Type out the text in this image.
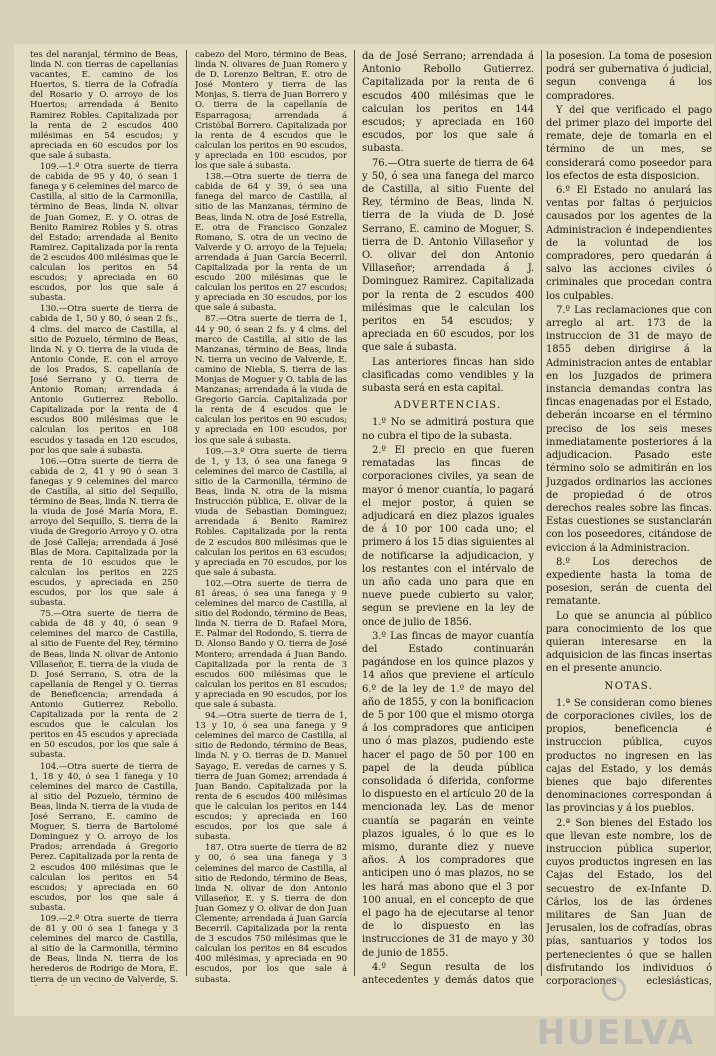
tes del naranjal, término de Beas, linda N. con tierras de capellanías vacantes, E. camino de los Huertos, S. tierra de la Cofradía del Rosario y O. arroyo de los Huertos; arrendada á Benito Ramirez Robles. Capitalizada por la renta de 2 escudos 400 milésimas en 54 escudos; y apreciada en 60 escudos por los que sale á subasta.

109.—1.º Otra suerte de tierra de cabida de 95 y 40, ó sean 1 fanega y 6 celemines del marco de Castilla, al sitio de la Carmonilla, término de Beas, linda N. olivar de Juan Gomez, E. y O. otras de Benito Ramirez Robles y S. otras del Estado; arrendada al Benito Ramirez. Capitalizada por la renta de 2 escudos 400 milésimas que le calculan los peritos en 54 escudos; y apreciada en 60 escudos, por los que sale á subasta.

130.—Otra suerte de tierra de cabida de 1, 50 y 80, ó sean 2 fs., 4 clms. del marco de Castilla, al sitio de Pozuelo, término de Beas, linda N. y O. tierra de la viuda de Antonio Conde, E. con el arroyo de los Prados, S. capellanía de José Serrano y O. tierra de Antonio Roman; arrendada á Antonio Gutierrez Rebollo. Capitalizada por la renta de 4 escudos 800 milésimas que le calculan los peritos en 108 escudos y tasada en 120 escudos, por los que sale á subasta.

106.—Otra suerte de tierra de cabida de 2, 41 y 90 ó sean 3 fanegas y 9 celemines del marco de Castilla, al sitio del Sequillo, término de Beas, linda N. tierra de la viuda de José María Mora, E. arroyo del Sequillo, S. tierra de la viuda de Gregorio Arroyo y O. otra de José Calleja; arrendada á José Blas de Mora. Capitalizada por la renta de 10 escudos que le calculan los peritos en 225 escudos, y apreciada en 250 escudos, por los que sale á subasta.

75.—Otra suerte de tierra de cabida de 48 y 40, ó sean 9 celemines del marco de Castilla, al sitio de Fuente del Rey, término de Beas, linda N. olivar de Antonio Villaseñor, E. tierra de la viuda de D. José Serrano, S. otra de la capellanía de Rengel y O. tierras de Beneficencia; arrendada á Antonio Gutierrez Rebollo. Capitalizada por la renta de 2 escudos que le calculan los peritos en 45 escudos y apreciada en 50 escudos, por los que sale á subasta.

104.—Otra suerte de tierra de 1, 18 y 40, ó sea 1 fanega y 10 celemines del marco de Castilla, al sitio del Pozuelo, término de Beas, linda N. tierra de la viuda de José Serrano, E. camino de Moguer, S. tierra de Bartolomé Dominguez y O. arroyo de los Prados; arrendada á Gregorio Perez. Capitalizada por la renta de 2 escudos 400 milésimas que le calculan los peritos en 54 escudos; y apreciada en 60 escudos, por los que sale á subasta.

109.—2.º Otra suerte de tierra de 81 y 00 ó sea 1 fanega y 3 celemines del marco de Castilla, al sitio de la Carmonilla, término de Beas, linda N. tierra de los herederos de Rodrigo de Mora, E. tierra de un vecino de Valverde, S.

cabezo del Moro, término de Beas, linda N. olivares de Juan Romero y de D. Lorenzo Beltran, E. otro de José Montero y tierra de las Monjas, S. tierra de Juan Borrero y O. tierra de la capellanía de Esparragosa; arrendada á Cristóbal Borrero. Capitalizada por la renta de 4 escudos que le calculan los peritos en 90 escudos, y apreciada en 100 escudos, por los que sale á subasta.

138.—Otra suerte de tierra de cabida de 64 y 39, ó sea una fanega del marco de Castilla, al sitio de las Manzanas, término de Beas, linda N. otra de José Estrella, E. otra de Francisco Gonzalez Romano, S. otra de un vecino de Valverde y O. arroyo de la Tejuela; arrendada á Juan García Becerril. Capitalizada por la renta de un escudo 200 milésimas que le calculan los peritos en 27 escudos; y apreciada en 30 escudos, por los que sale á subasta.

87.—Otra suerte de tierra de 1, 44 y 90, ó sean 2 fs. y 4 clms. del marco de Castilla, al sitio de las Manzanas, término de Beas, linda N. tierra un vecino de Valverde, E. camino de Niebla, S. tierra de las Monjas de Moguer y O. tabla de las Manzanas; arrendada á la viuda de Gregorio García. Capitalizada por la renta de 4 escudos que le calculan los peritos en 90 escudos; y apreciada en 100 escudos, por los que sale á subasta.

109.—3.º Otra suerte de tierra de 1, y 13, ó sea una fanega 9 celemines del marco de Castilla, al sitio de la Carmonilla, término de Beas, linda N. otra de la misma Instrucción pública, E. olivar de la viuda de Sebastian Dominguez; arrendada á Benito Ramirez Robles. Capitalizada por la renta de 2 escudos 800 milésimas que le calculan los peritos en 63 escudos; y apreciada en 70 escudos, por los que sale á subasta.

102.—Otra suerte de tierra de 81 áreas, ó sea una fanega y 9 celemines del marco de Castilla, al sitio del Rodondo, término de Beas, linda N. tierra de D. Rafael Mora, E. Palmar del Rodondo, S. tierra de D. Alonso Bando y O. tierra de José Montero; arrendada á Juan Bando. Capitalizada por la renta de 3 escudos 600 milésimas que le calculan los peritos en 81 escudos; y apreciada en 90 escudos, por los que sale á subasta.

94.—Otra suerte de tierra de 1, 13 y 10, ó sea una fanega y 9 celemines del marco de Castilla, al sitio de Redondo, término de Beas, linda N. y O. tierras de D. Manuel Sayago, E. veredas de carnes y S. tierra de Juan Gomez; arrendada á Juan Bando. Capitalizada por la renta de 6 escudos 400 milésimas que le calculan los peritos en 144 escudos; y apreciada en 160 escudos, por los que sale á subasta.

187. Otra suerte de tierra de 82 y 00, ó sea una fanega y 3 celemines del marco de Castilla, al sitio de Redondo, término de Beas, linda N. olivar de don Antonio Villaseñor, E. y S. tierra de don Juan Gomez y O. olivar de don Juan Clemente; arrendada á Juan García Becerril. Capitalizada por la renta de 3 escudos 750 milésimas que le calculan los peritos en 84 escudos 400 milésimas, y apreciada en 90 escudos, por los que sale á subasta.

da de José Serrano; arrendada á Antonio Rebollo Gutierrez. Capitalizada por la renta de 6 escudos 400 milésimas que le calculan los peritos en 144 escudos; y apreciada en 160 escudos, por los que sale á subasta.

76.—Otra suerte de tierra de 64 y 50, ó sea una fanega del marco de Castilla, al sitio Fuente del Rey, término de Beas, linda N. tierra de la viuda de D. José Serrano, E. camino de Moguer, S. tierra de D. Antonio Villaseñor y O. olivar del don Antonio Villaseñor; arrendada á J. Dominguez Ramirez. Capitalizada por la renta de 2 escudos 400 milésimas que le calculan los peritos en 54 escudos; y apreciada en 60 escudos, por los que sale á subasta.

Las anteriores fincas han sido clasificadas como vendibles y la subasta será en esta capital.

ADVERTENCIAS.

1.º No se admitirá postura que no cubra el tipo de la subasta.

2.º El precio en que fueren rematadas las fincas de corporaciones civiles, ya sean de mayor ó menor cuantía, lo pagará el mejor postor, á quien se adjudicará en diez plazos iguales de á 10 por 100 cada uno; el primero á los 15 dias siguientes al de notificarse la adjudicacion, y los restantes con el intérvalo de un año cada uno para que en nueve puede cubierto su valor, segun se previene en la ley de once de julio de 1856.

3.º Las fincas de mayor cuantía del Estado continuarán pagándose en los quince plazos y 14 años que previene el artículo 6.º de la ley de 1.º de mayo del año de 1855, y con la bonificacion de 5 por 100 que el mismo otorga á los compradores que anticipen uno ó mas plazos, pudiendo este hacer el pago de 50 por 100 en papel de la deuda pública consolidada ó diferida, conforme lo dispuesto en el artículo 20 de la mencionada ley. Las de menor cuantía se pagarán en veinte plazos iguales, ó lo que es lo mismo, durante diez y nueve años. A los compradores que anticipen uno ó mas plazos, no se les hará mas abono que el 3 por 100 anual, en el concepto de que el pago ha de ejecutarse al tenor de lo dispuesto en las instrucciones de 31 de mayo y 30 de junio de 1855.

4.º Segun resulta de los antecedentes y demás datos que

la posesion. La toma de posesion podrá ser gubernativa ó judicial, segun convenga á los compradores.

Y del que verificado el pago del primer plazo del importe del remate, deje de tomarla en el término de un mes, se considerará como poseedor para los efectos de esta disposicion.

6.º El Estado no anulará las ventas por faltas ó perjuicios causados por los agentes de la Administracion é independientes de la voluntad de los compradores, pero quedarán á salvo las acciones civiles ó criminales que procedan contra los culpables.

7.º Las reclamaciones que con arreglo al art. 173 de la instruccion de 31 de mayo de 1855 deben dirigirse á la Administracion antes de entablar en los Juzgados de primera instancia demandas contra las fincas enagenadas por el Estado, deberán incoarse en el término preciso de los seis meses inmediatamente posteriores á la adjudicacion. Pasado este término solo se admitirán en los Juzgados ordinarios las acciones de propiedad ó de otros derechos reales sobre las fincas. Estas cuestiones se sustanciarán con los poseedores, citándose de eviccion á la Administracion.

8.º Los derechos de expediente hasta la toma de posesion, serán de cuenta del rematante.

Lo que se anuncia al público para conocimiento de los que quieran interesarse en la adquisicion de las fincas insertas en el presente anuncio.

NOTAS.

1.ª Se consideran como bienes de corporaciones civiles, los de propios, beneficencia é instruccion pública, cuyos productos no ingresen en las cajas del Estado, y los demás bienes que bajo diferentes denominaciones correspondan á las provincias y á los pueblos.

2.ª Son bienes del Estado los que llevan este nombre, los de instruccion pública superior, cuyos productos ingresen en las Cajas del Estado, los del secuestro de ex-Infante D. Cárlos, los de las órdenes militares de San Juan de Jerusalen, los de cofradías, obras pías, santuarios y todos los pertenecientes ó que se hallen disfrutando los individuos ó corporaciones eclesiásticas,

HUELVA
